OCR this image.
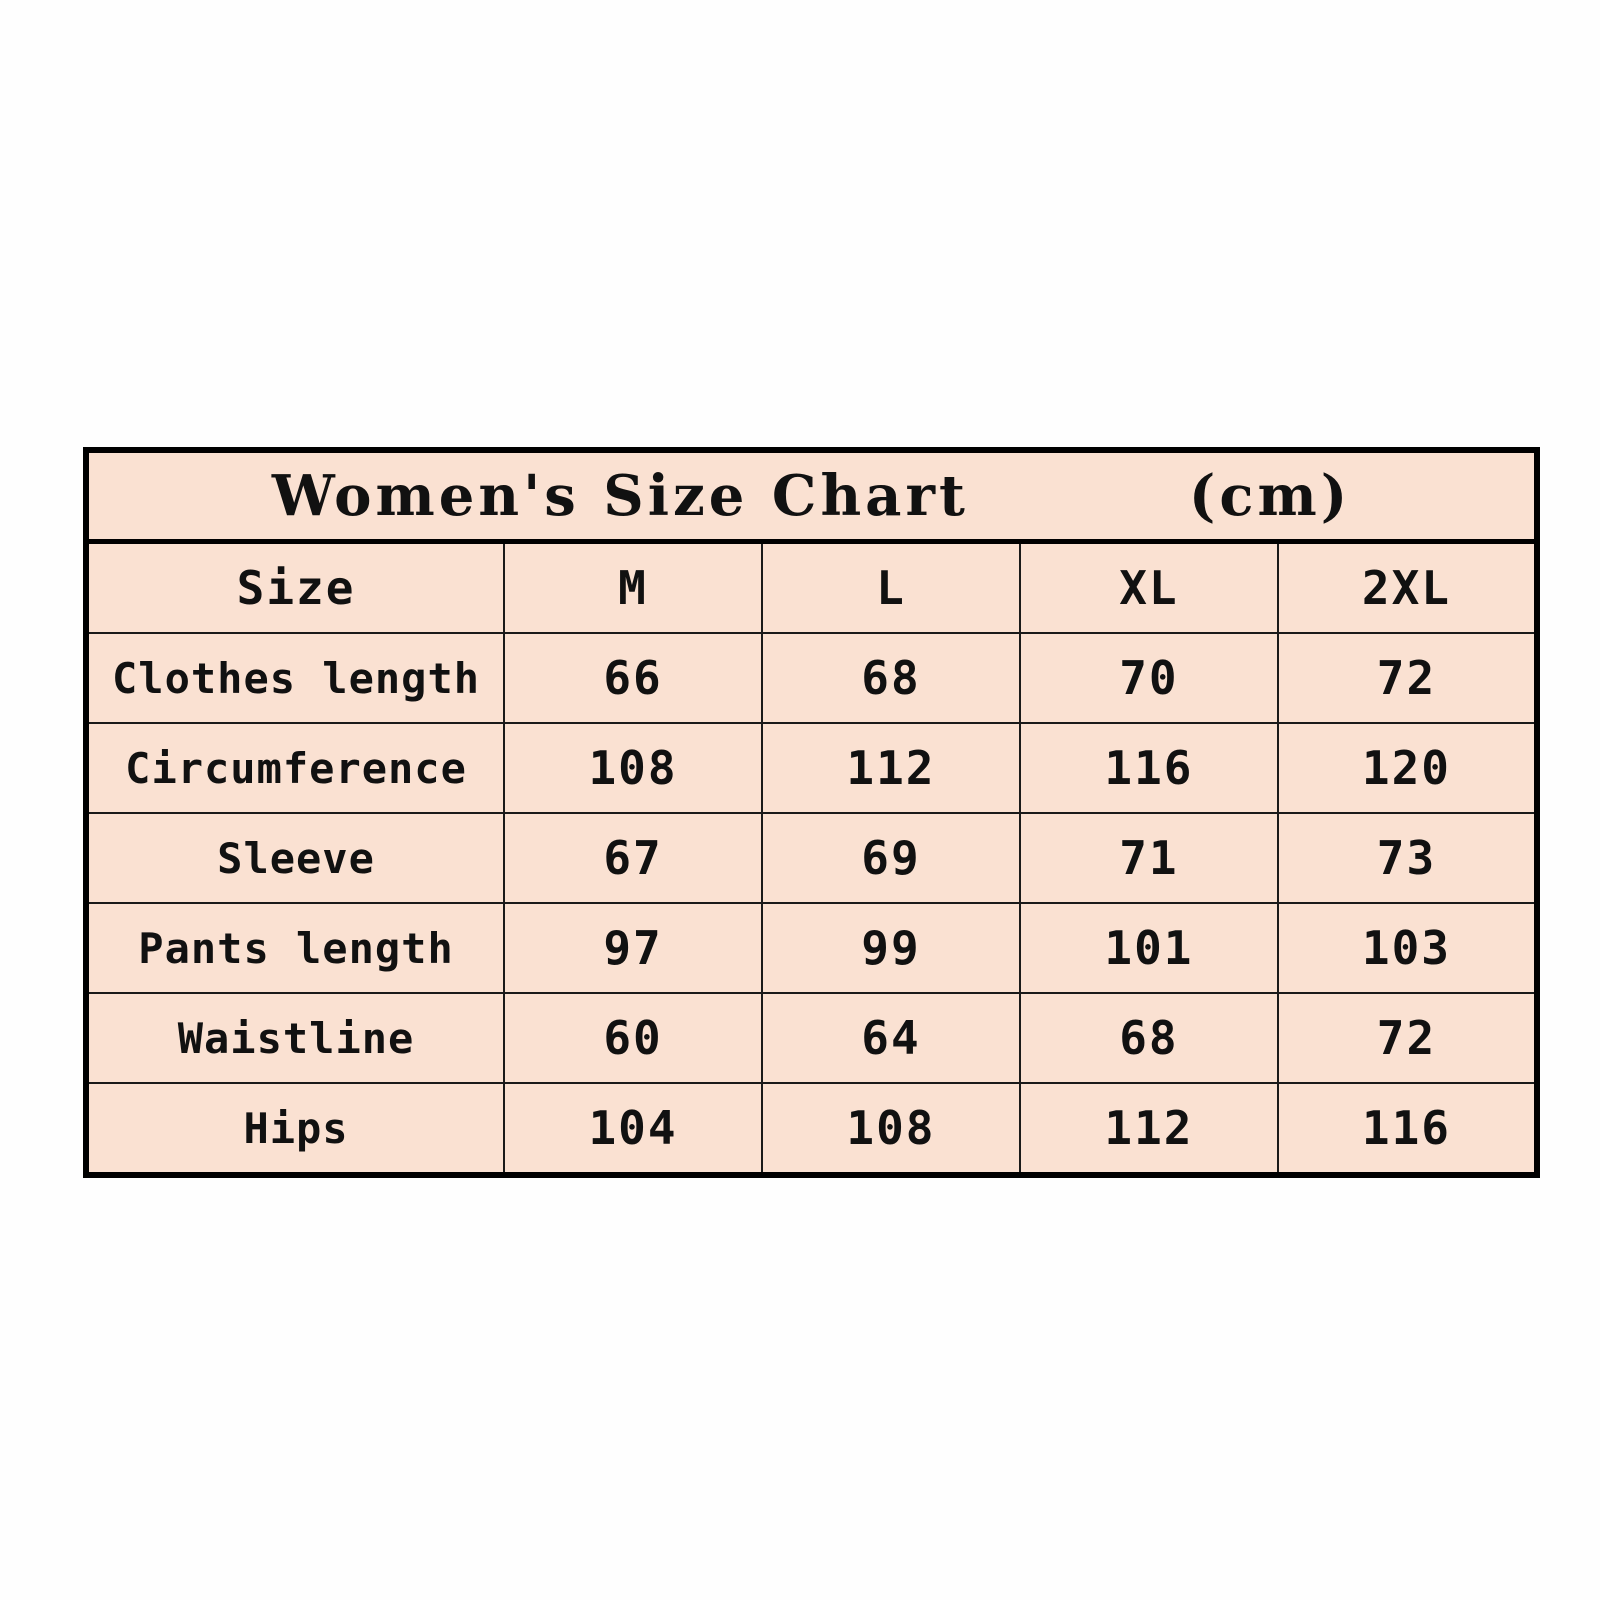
Women's Size Chart (cm)				
Size	M	L	XL	2XL
Clothes length	66	68	70	72
Circumference	108	112	116	120
Sleeve	67	69	71	73
Pants length	97	99	101	103
Waistline	60	64	68	72
Hips	104	108	112	116
